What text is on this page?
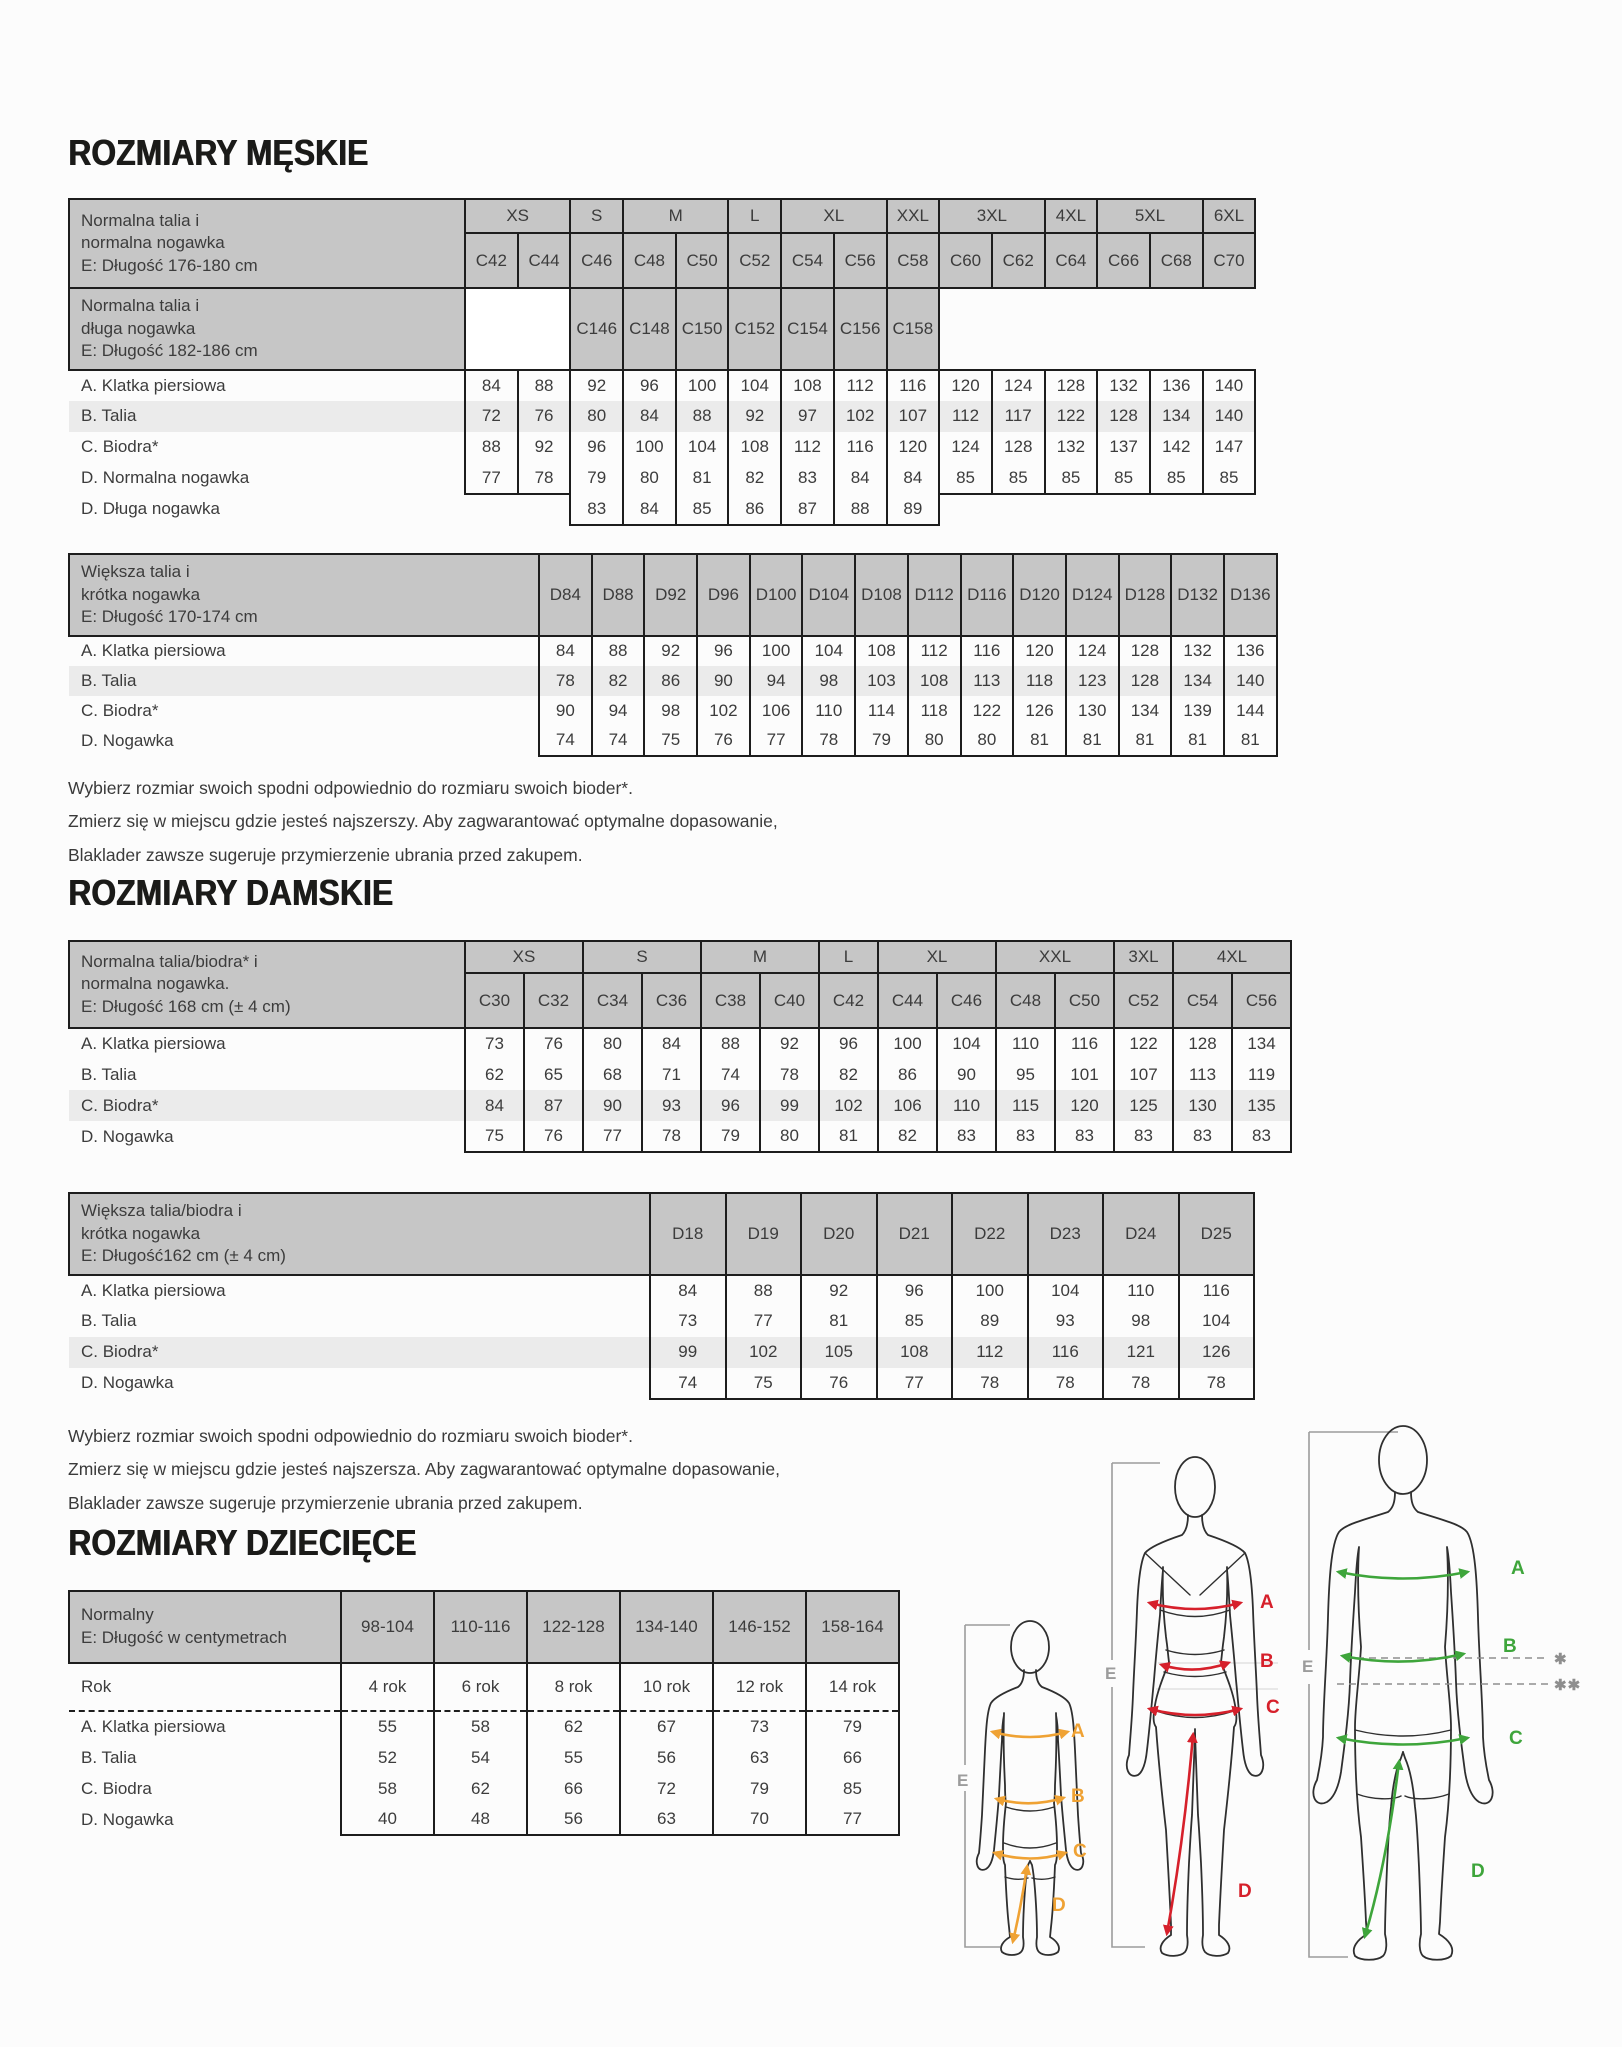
ROZMIARY MĘSKIE
Wybierz rozmiar swoich spodni odpowiednio do rozmiaru swoich bioder*.
Zmierz się w miejscu gdzie jesteś najszerszy. Aby zagwarantować optymalne dopasowanie,
Blaklader zawsze sugeruje przymierzenie ubrania przed zakupem.
ROZMIARY DAMSKIE
Wybierz rozmiar swoich spodni odpowiednio do rozmiaru swoich bioder*.
Zmierz się w miejscu gdzie jesteś najszersza. Aby zagwarantować optymalne dopasowanie,
Blaklader zawsze sugeruje przymierzenie ubrania przed zakupem.
ROZMIARY DZIECIĘCE
E
A
B
C
D
E
A
B
C
D
E	✱
✱✱
A
B
C
D
Normalna talia i
normalna nogawka
E: Długość 176-180 cm	XS		S	M		L	XL		XXL	3XL		4XL	5XL		6XL
	C42	C44	C46	C48	C50	C52	C54	C56	C58	C60	C62	C64	C66	C68	C70

Normalna talia i
długa nogawka
E: Długość 182-186 cm			C146	C148	C150	C152	C154	C156	C158						
A. Klatka piersiowa	84	88	92	96	100	104	108	112	116	120	124	128	132	136	140
B. Talia	72	76	80	84	88	92	97	102	107	112	117	122	128	134	140
C. Biodra*	88	92	96	100	104	108	112	116	120	124	128	132	137	142	147
D. Normalna nogawka	77	78	79	80	81	82	83	84	84	85	85	85	85	85	85
D. Długa nogawka			83	84	85	86	87	88	89						
Większa talia i
krótka nogawka
E: Długość 170-174 cm	D84	D88	D92	D96	D100	D104	D108	D112	D116	D120	D124	D128	D132	D136
A. Klatka piersiowa	84	88	92	96	100	104	108	112	116	120	124	128	132	136
B. Talia	78	82	86	90	94	98	103	108	113	118	123	128	134	140
C. Biodra*	90	94	98	102	106	110	114	118	122	126	130	134	139	144
D. Nogawka	74	74	75	76	77	78	79	80	80	81	81	81	81	81
Normalna talia/biodra* i
normalna nogawka.
E: Długość 168 cm (± 4 cm)	XS		S		M		L	XL		XXL		3XL	4XL	
	C30	C32	C34	C36	C38	C40	C42	C44	C46	C48	C50	C52	C54	C56
A. Klatka piersiowa	73	76	80	84	88	92	96	100	104	110	116	122	128	134
B. Talia	62	65	68	71	74	78	82	86	90	95	101	107	113	119
C. Biodra*	84	87	90	93	96	99	102	106	110	115	120	125	130	135
D. Nogawka	75	76	77	78	79	80	81	82	83	83	83	83	83	83
Większa talia/biodra i
krótka nogawka
E: Długość162 cm (± 4 cm)	D18	D19	D20	D21	D22	D23	D24	D25
A. Klatka piersiowa	84	88	92	96	100	104	110	116
B. Talia	73	77	81	85	89	93	98	104
C. Biodra*	99	102	105	108	112	116	121	126
D. Nogawka	74	75	76	77	78	78	78	78
Normalny
E: Długość w centymetrach	98-104	110-116	122-128	134-140	146-152	158-164
Rok	4 rok	6 rok	8 rok	10 rok	12 rok	14 rok
A. Klatka piersiowa	55	58	62	67	73	79
B. Talia	52	54	55	56	63	66
C. Biodra	58	62	66	72	79	85
D. Nogawka	40	48	56	63	70	77
